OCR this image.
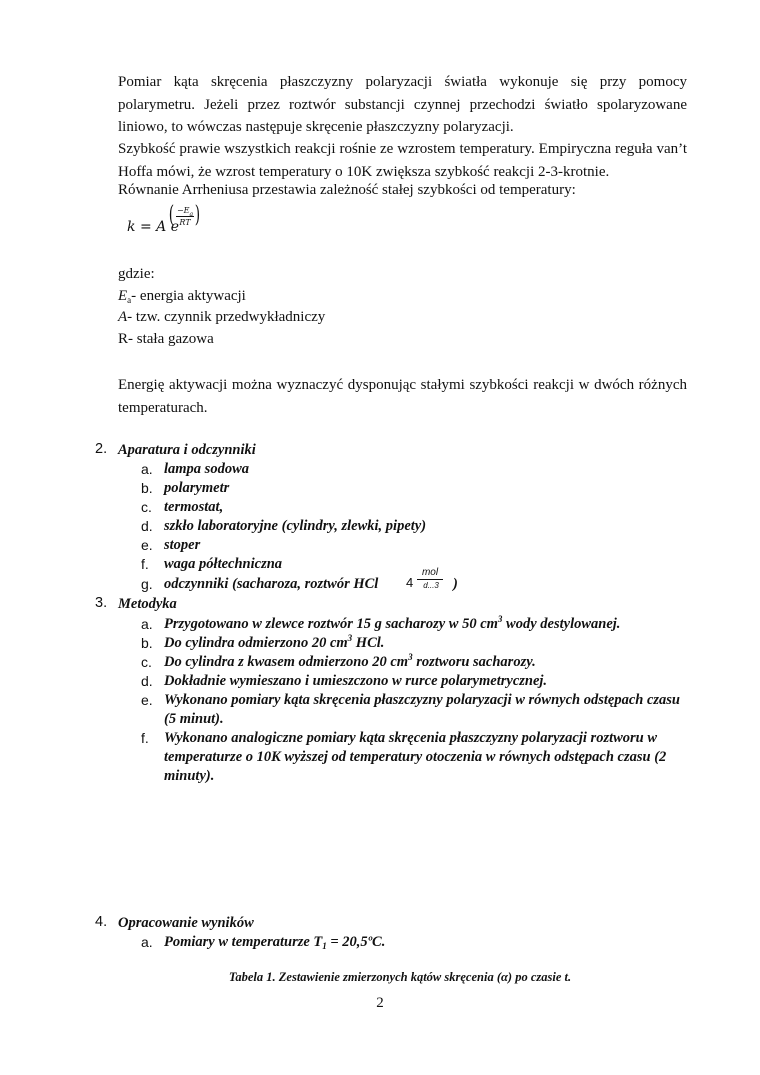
Pomiar kąta skręcenia płaszczyzny polaryzacji światła wykonuje się przy pomocy polarymetru. Jeżeli przez roztwór substancji czynnej przechodzi światło spolaryzowane liniowo, to wówczas następuje skręcenie płaszczyzny polaryzacji.

Szybkość prawie wszystkich reakcji rośnie ze wzrostem temperatury. Empiryczna reguła van’t Hoffa mówi, że wzrost temperatury o 10K zwiększa szybkość reakcji 2-3-krotnie.

Równanie Arrheniusa przestawia zależność stałej szybkości od temperatury:

k = A e
( $\frac{-E_a}{RT}$ )

gdzie:

$E_a-$ energia aktywacji

A- tzw. czynnik przedwykładniczy

R- stała gazowa

Energię aktywacji można wyznaczyć dysponując stałymi szybkości reakcji w dwóch różnych temperaturach.

2. Aparatura i odczynniki
a. lampa sodowa
b. polarymetr
c. termostat,
d. szkło laboratoryjne (cylindry, zlewki, pipety)
e. stoper
f. waga półtechniczna
g. odczynniki (sacharoza, roztwór HCl 4
mol
d...3 )
3. Metodyka
a. Przygotowano w zlewce roztwór 15 g sacharozy w 50 $cm^3$ wody destylowanej.
b. Do cylindra odmierzono 20 $cm^3$ HCl.
c. Do cylindra z kwasem odmierzono 20 $cm^3$ roztworu sacharozy.
d. Dokładnie wymieszano i umieszczono w rurce polarymetrycznej.
e. Wykonano pomiary kąta skręcenia płaszczyzny polaryzacji w równych odstępach czasu (5 minut).
f. Wykonano analogiczne pomiary kąta skręcenia płaszczyzny polaryzacji roztworu w temperaturze o 10K wyższej od temperatury otoczenia w równych odstępach czasu (2 minuty).
4. Opracowanie wyników
a. Pomiary w temperaturze $T_1$ = 20,5ºC.
Tabela 1. Zestawienie zmierzonych kątów skręcenia (α) po czasie t.
2
